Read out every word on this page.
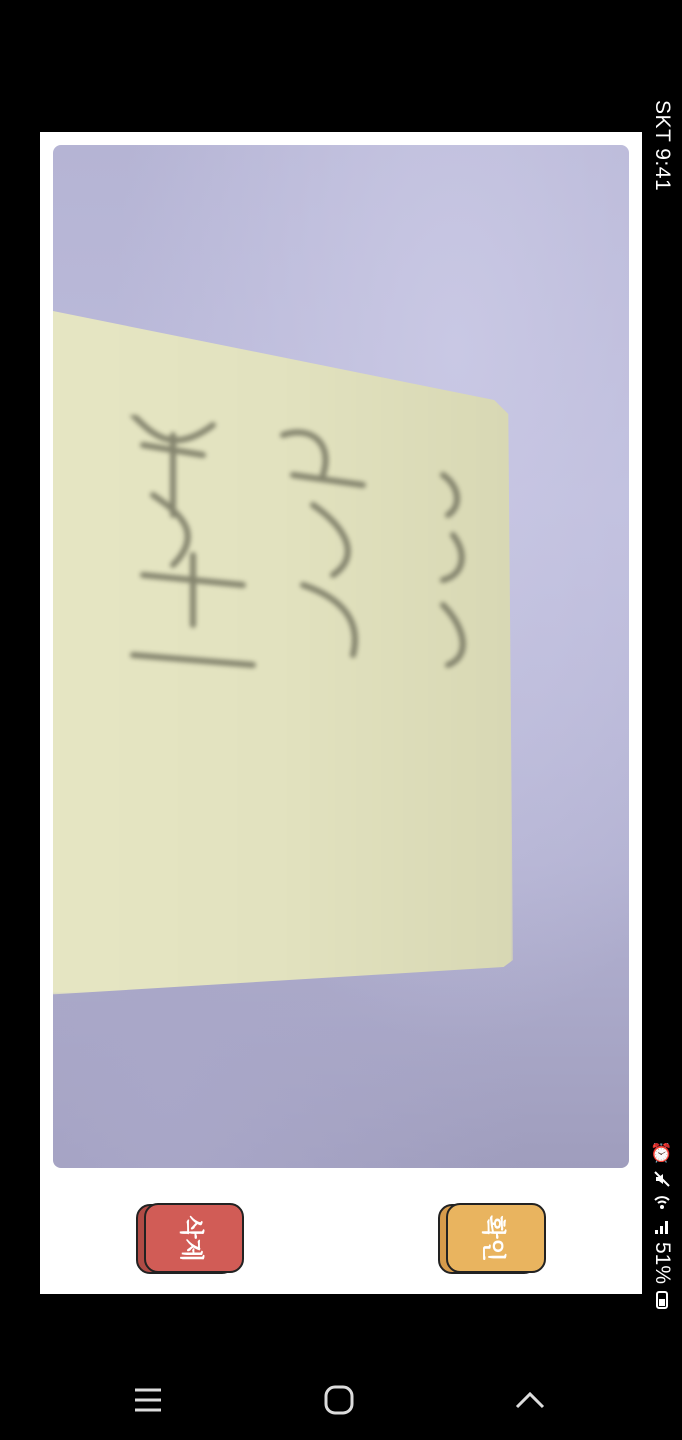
SKT 9:41
⏰
51%
삭제	확인
